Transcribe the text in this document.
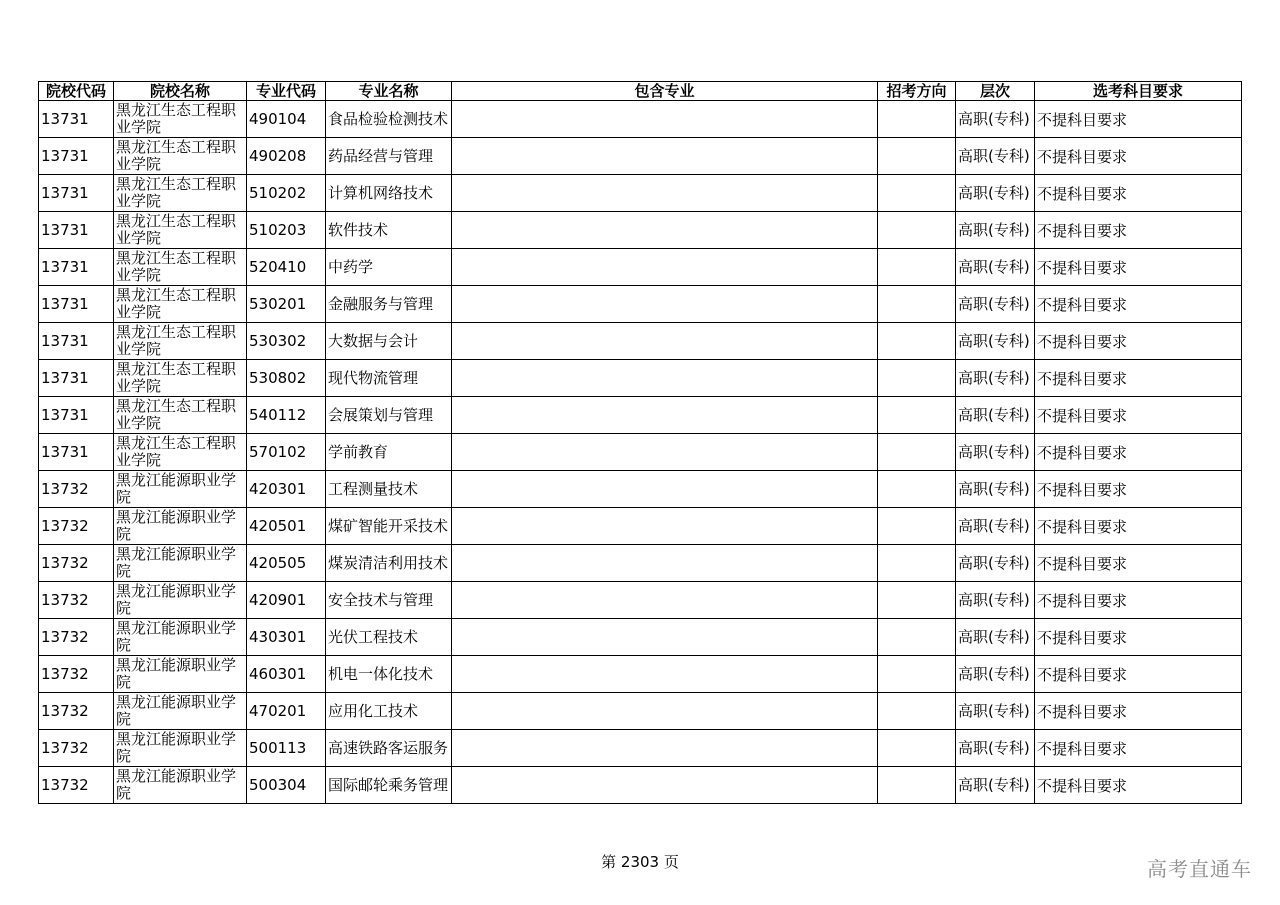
院校代码	院校名称	专业代码	专业名称	包含专业	招考方向	层次	选考科目要求
13731	黑龙江生态工程职业学院	490104	食品检验检测技术			高职(专科)	不提科目要求
13731	黑龙江生态工程职业学院	490208	药品经营与管理			高职(专科)	不提科目要求
13731	黑龙江生态工程职业学院	510202	计算机网络技术			高职(专科)	不提科目要求
13731	黑龙江生态工程职业学院	510203	软件技术			高职(专科)	不提科目要求
13731	黑龙江生态工程职业学院	520410	中药学			高职(专科)	不提科目要求
13731	黑龙江生态工程职业学院	530201	金融服务与管理			高职(专科)	不提科目要求
13731	黑龙江生态工程职业学院	530302	大数据与会计			高职(专科)	不提科目要求
13731	黑龙江生态工程职业学院	530802	现代物流管理			高职(专科)	不提科目要求
13731	黑龙江生态工程职业学院	540112	会展策划与管理			高职(专科)	不提科目要求
13731	黑龙江生态工程职业学院	570102	学前教育			高职(专科)	不提科目要求
13732	黑龙江能源职业学院	420301	工程测量技术			高职(专科)	不提科目要求
13732	黑龙江能源职业学院	420501	煤矿智能开采技术			高职(专科)	不提科目要求
13732	黑龙江能源职业学院	420505	煤炭清洁利用技术			高职(专科)	不提科目要求
13732	黑龙江能源职业学院	420901	安全技术与管理			高职(专科)	不提科目要求
13732	黑龙江能源职业学院	430301	光伏工程技术			高职(专科)	不提科目要求
13732	黑龙江能源职业学院	460301	机电一体化技术			高职(专科)	不提科目要求
13732	黑龙江能源职业学院	470201	应用化工技术			高职(专科)	不提科目要求
13732	黑龙江能源职业学院	500113	高速铁路客运服务			高职(专科)	不提科目要求
13732	黑龙江能源职业学院	500304	国际邮轮乘务管理			高职(专科)	不提科目要求
第 2303 页	高考直通车
